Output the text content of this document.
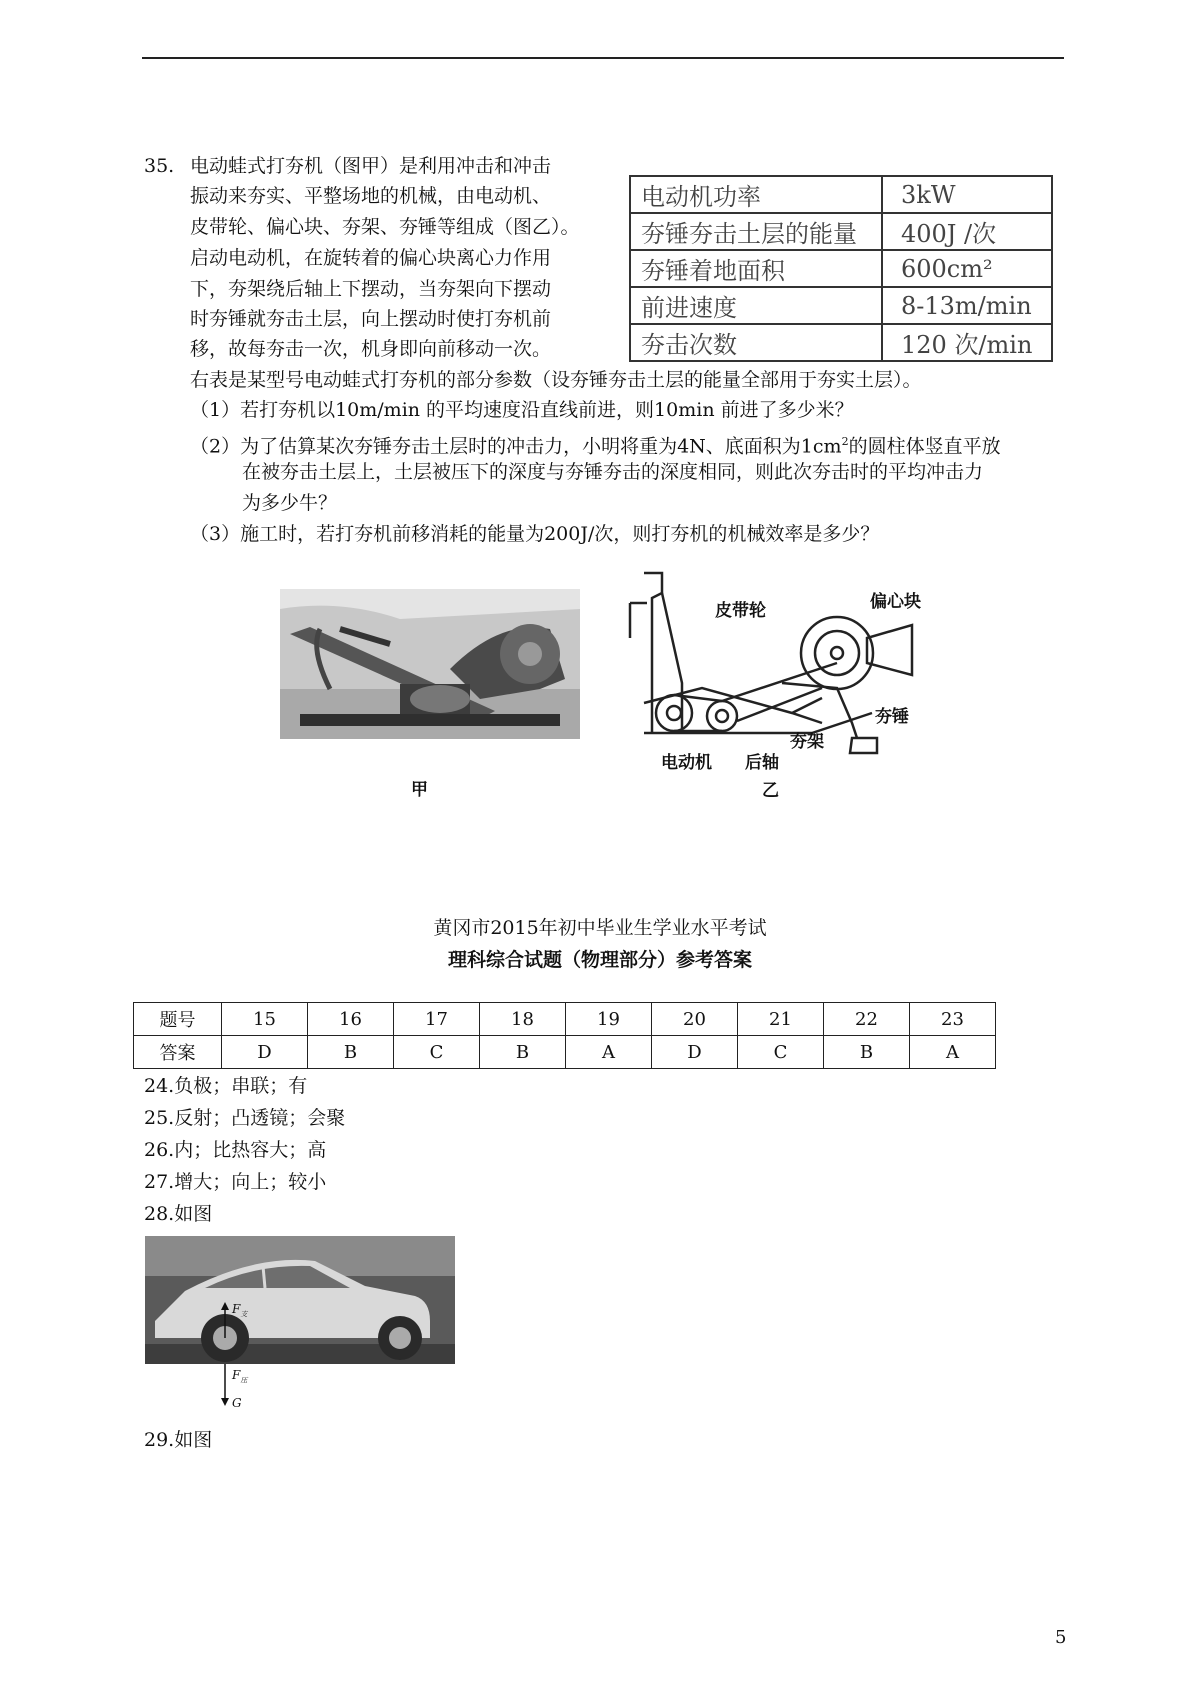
35. 电动蛙式打夯机（图甲）是利用冲击和冲击
振动来夯实、平整场地的机械，由电动机、
皮带轮、偏心块、夯架、夯锤等组成（图乙）。
启动电动机，在旋转着的偏心块离心力作用
下，夯架绕后轴上下摆动，当夯架向下摆动
时夯锤就夯击土层，向上摆动时使打夯机前
移，故每夯击一次，机身即向前移动一次。
右表是某型号电动蛙式打夯机的部分参数（设夯锤夯击土层的能量全部用于夯实土层）。
（1）若打夯机以10m/min 的平均速度沿直线前进，则10min 前进了多少米？
（2）为了估算某次夯锤夯击土层时的冲击力，小明将重为4N、底面积为$1cm^2$的圆柱体竖直平放
在被夯击土层上，土层被压下的深度与夯锤夯击的深度相同，则此次夯击时的平均冲击力
为多少牛？
（3）施工时，若打夯机前移消耗的能量为200J/次，则打夯机的机械效率是多少？
电动机功率	3kW
夯锤夯击土层的能量	400J /次
夯锤着地面积	600cm²
前进速度	8-13m/min
夯击次数	120 次/min
甲
皮带轮	偏心块
夯锤
夯架
电动机 后轴
乙
黄冈市2015年初中毕业生学业水平考试
理科综合试题（物理部分）参考答案
题号	15	16	17	18	19	20	21	22	23
答案	D	B	C	B	A	D	C	B	A
24.负极；串联；有
25.反射；凸透镜；会聚
26.内；比热容大；高
27.增大；向上；较小
28.如图
$F_支$
$F_压$
G
29.如图
5
